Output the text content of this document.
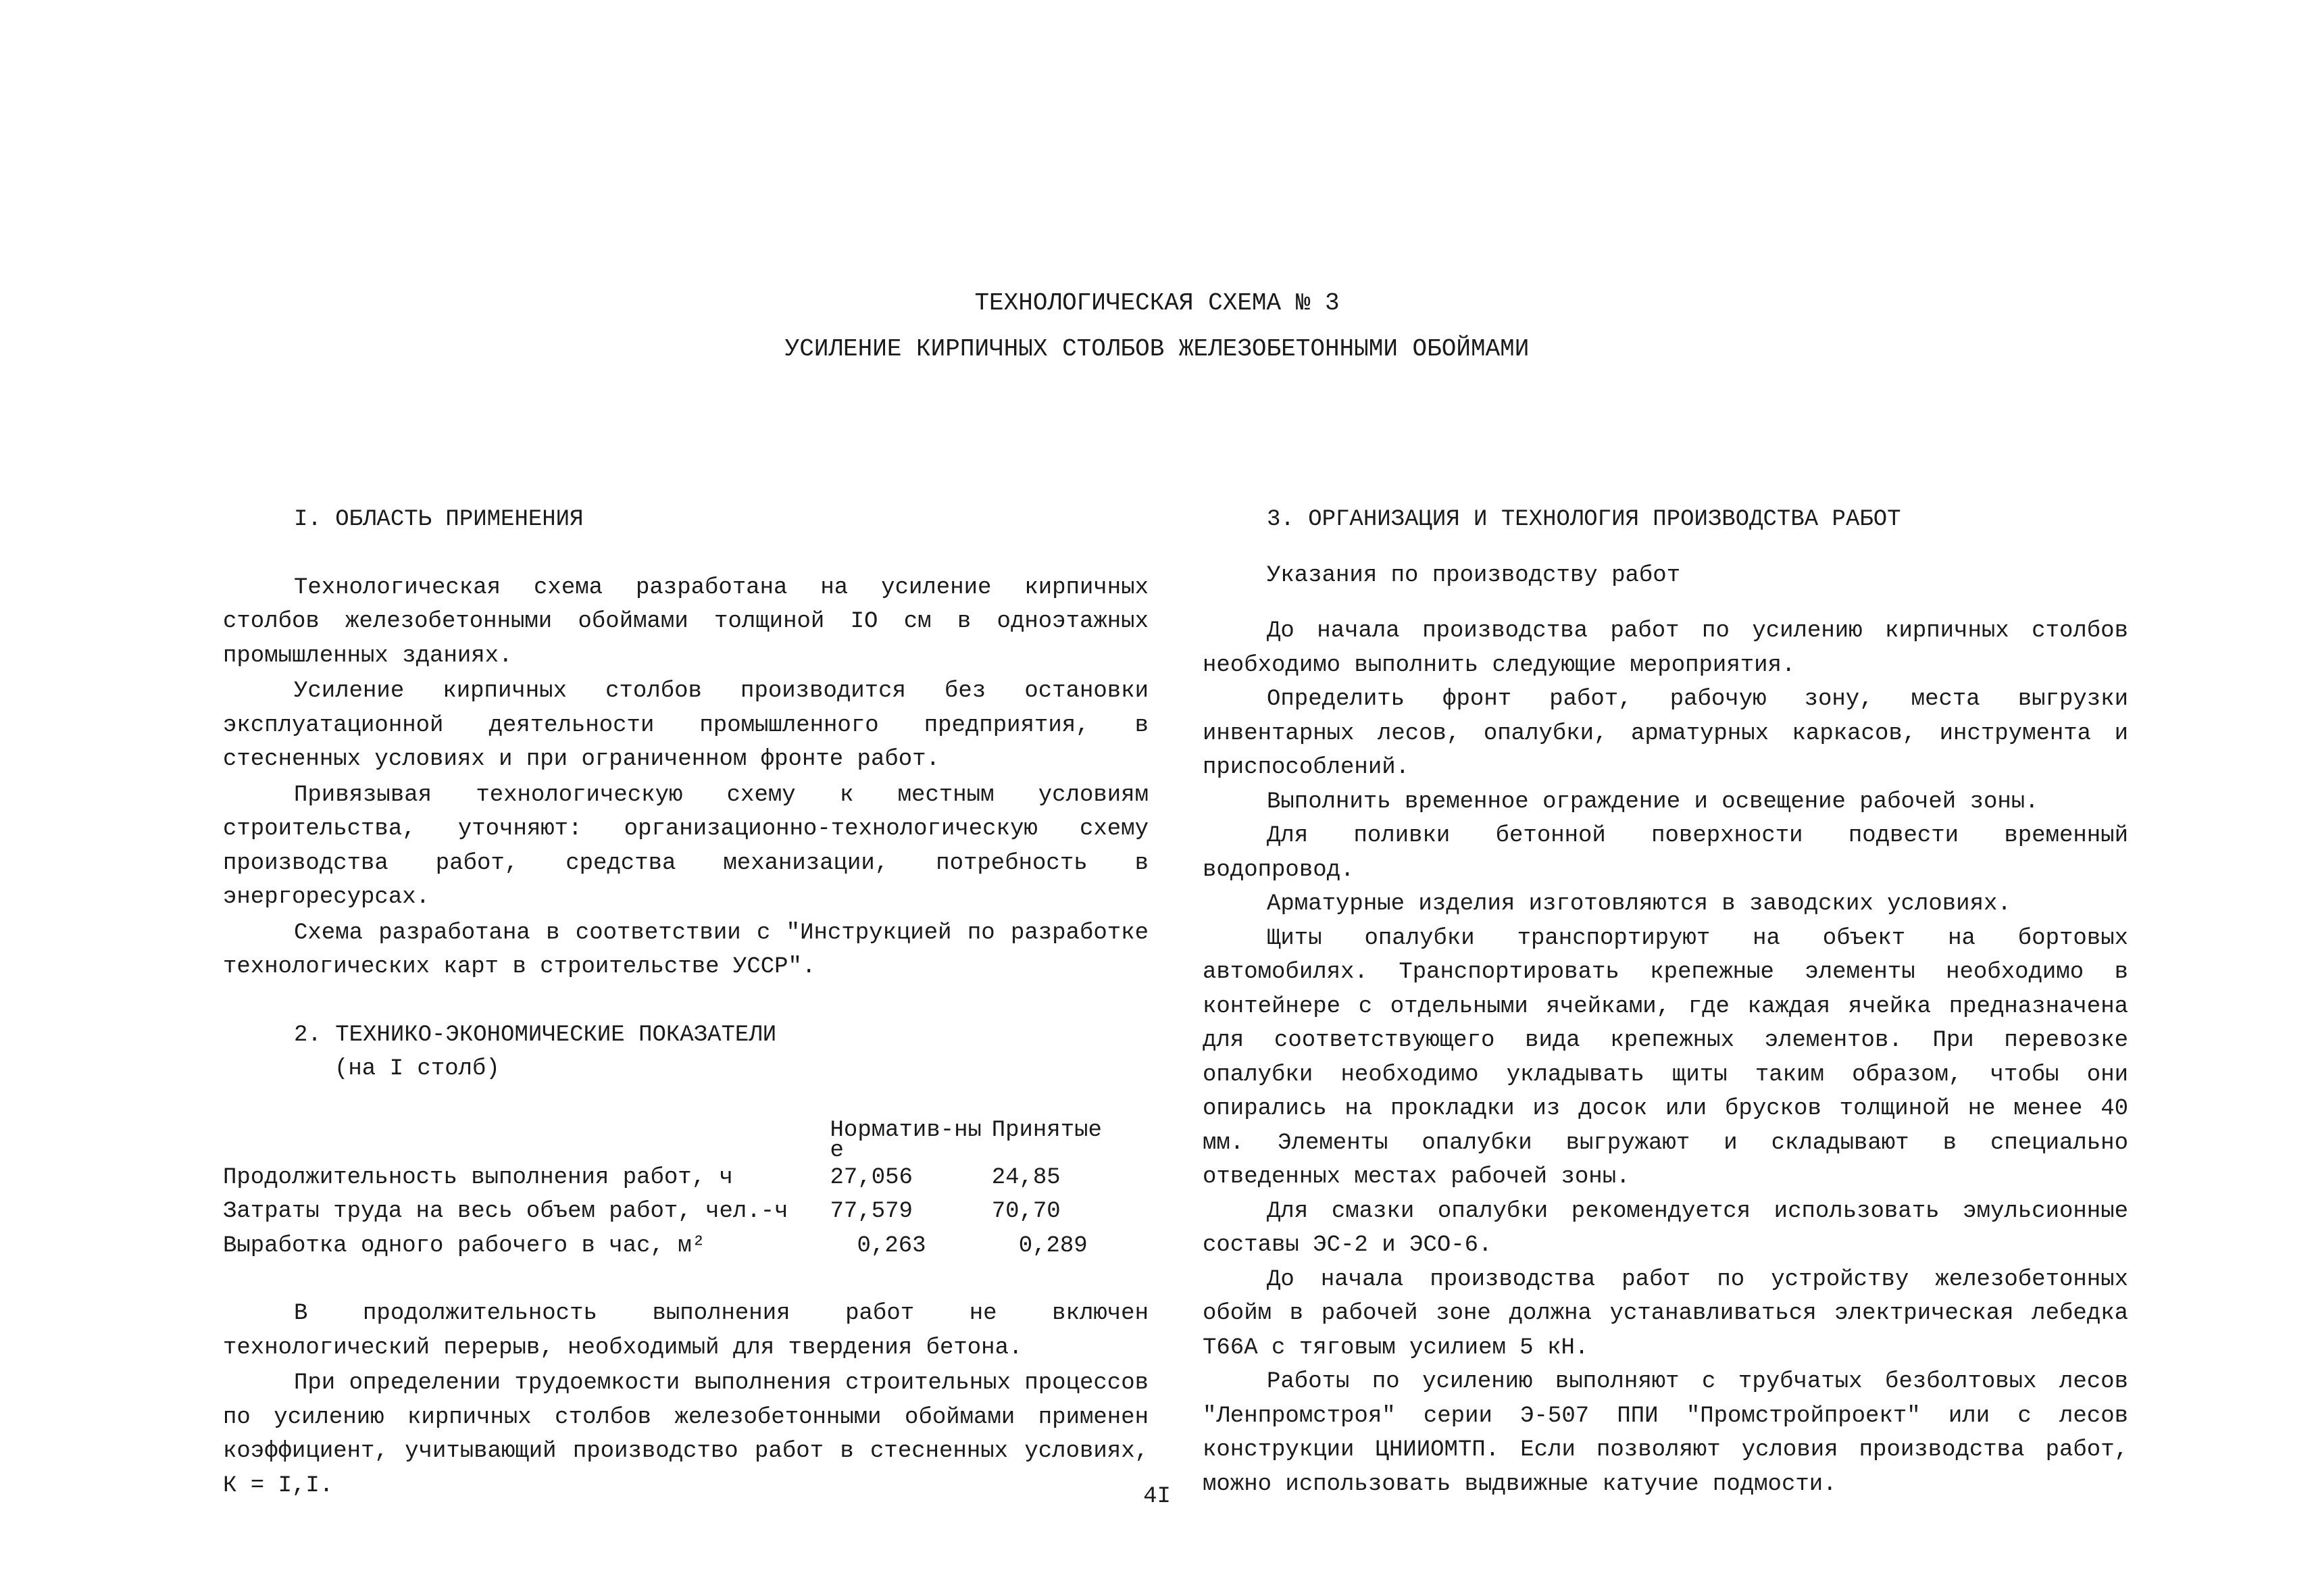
ТЕХНОЛОГИЧЕСКАЯ СХЕМА № 3
УСИЛЕНИЕ КИРПИЧНЫХ СТОЛБОВ ЖЕЛЕЗОБЕТОННЫМИ ОБОЙМАМИ
I. ОБЛАСТЬ ПРИМЕНЕНИЯ

Технологическая схема разработана на усиление кирпичных столбов железобетонными обоймами толщиной IO см в одноэтажных промышленных зданиях.

Усиление кирпичных столбов производится без остановки эксплуатационной деятельности промышленного предприятия, в стесненных условиях и при ограниченном фронте работ.

Привязывая технологическую схему к местным условиям строительства, уточняют: организационно-технологическую схему производства работ, средства механизации, потребность в энергоресурсах.

Схема разработана в соответствии с "Инструкцией по разработке технологических карт в строительстве УССР".

2. ТЕХНИКО-ЭКОНОМИЧЕСКИЕ ПОКАЗАТЕЛИ

(на I столб)

	Норматив-ные	Принятые
Продолжительность выполнения работ, ч	27,056	24,85
Затраты труда на весь объем работ, чел.-ч	77,579	70,70
Выработка одного рабочего в час, м²	0,263	0,289

В продолжительность выполнения работ не включен технологический перерыв, необходимый для твердения бетона.

При определении трудоемкости выполнения строительных процессов по усилению кирпичных столбов железобетонными обоймами применен коэффициент, учитывающий производство работ в стесненных условиях, К = I,I.

3. ОРГАНИЗАЦИЯ И ТЕХНОЛОГИЯ ПРОИЗВОДСТВА РАБОТ

Указания по производству работ

До начала производства работ по усилению кирпичных столбов необходимо выполнить следующие мероприятия.

Определить фронт работ, рабочую зону, места выгрузки инвентарных лесов, опалубки, арматурных каркасов, инструмента и приспособлений.

Выполнить временное ограждение и освещение рабочей зоны.

Для поливки бетонной поверхности подвести временный водопровод.

Арматурные изделия изготовляются в заводских условиях.

Щиты опалубки транспортируют на объект на бортовых автомобилях. Транспортировать крепежные элементы необходимо в контейнере с отдельными ячейками, где каждая ячейка предназначена для соответствующего вида крепежных элементов. При перевозке опалубки необходимо укладывать щиты таким образом, чтобы они опирались на прокладки из досок или брусков толщиной не менее 40 мм. Элементы опалубки выгружают и складывают в специально отведенных местах рабочей зоны.

Для смазки опалубки рекомендуется использовать эмульсионные составы ЭС-2 и ЭСО-6.

До начала производства работ по устройству железобетонных обойм в рабочей зоне должна устанавливаться электрическая лебедка Т66А с тяговым усилием 5 кН.

Работы по усилению выполняют с трубчатых безболтовых лесов "Ленпромстроя" серии Э-507 ППИ "Промстройпроект" или с лесов конструкции ЦНИИОМТП. Если позволяют условия производства работ, можно использовать выдвижные катучие подмости.

4I
